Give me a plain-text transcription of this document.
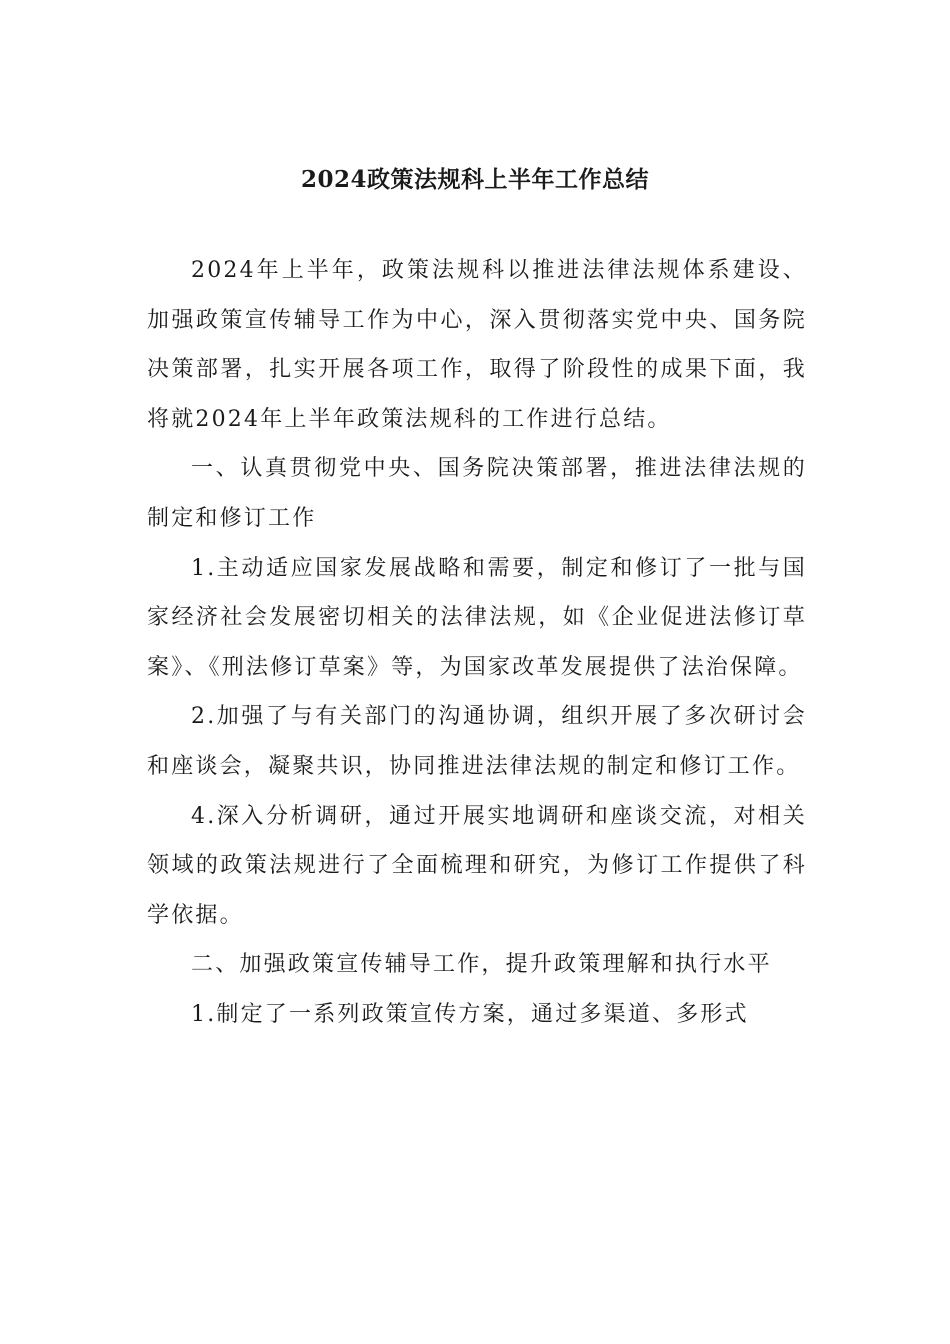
2024政策法规科上半年工作总结

2024年上半年，政策法规科以推进法律法规体系建设、加强政策宣传辅导工作为中心，深入贯彻落实党中央、国务院决策部署，扎实开展各项工作，取得了阶段性的成果下面，我将就2024年上半年政策法规科的工作进行总结。

一、认真贯彻党中央、国务院决策部署，推进法律法规的制定和修订工作

1.主动适应国家发展战略和需要，制定和修订了一批与国家经济社会发展密切相关的法律法规，如《企业促进法修订草案》、《刑法修订草案》等，为国家改革发展提供了法治保障。

2.加强了与有关部门的沟通协调，组织开展了多次研讨会和座谈会，凝聚共识，协同推进法律法规的制定和修订工作。

4.深入分析调研，通过开展实地调研和座谈交流，对相关领域的政策法规进行了全面梳理和研究，为修订工作提供了科学依据。

二、加强政策宣传辅导工作，提升政策理解和执行水平

1.制定了一系列政策宣传方案，通过多渠道、多形式
